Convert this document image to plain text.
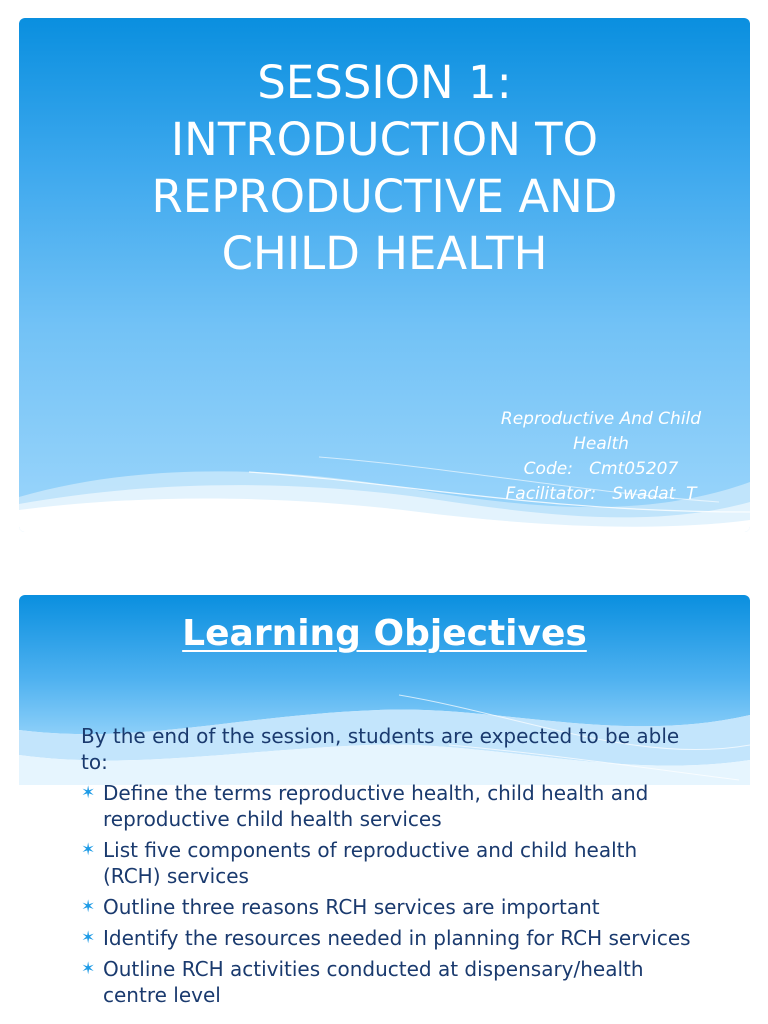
SESSION 1:
INTRODUCTION TO
REPRODUCTIVE AND
CHILD HEALTH
Reproductive And Child
Health
Code:   Cmt05207
Facilitator:   Swadat  T
Learning Objectives
By the end of the session, students are expected to be able to:
✶ Define the terms reproductive health, child health and reproductive child health services
✶ List five components of reproductive and child health (RCH) services
✶ Outline three reasons RCH services are important
✶ Identify the resources needed in planning for RCH services
✶ Outline RCH activities conducted at dispensary/health centre level
